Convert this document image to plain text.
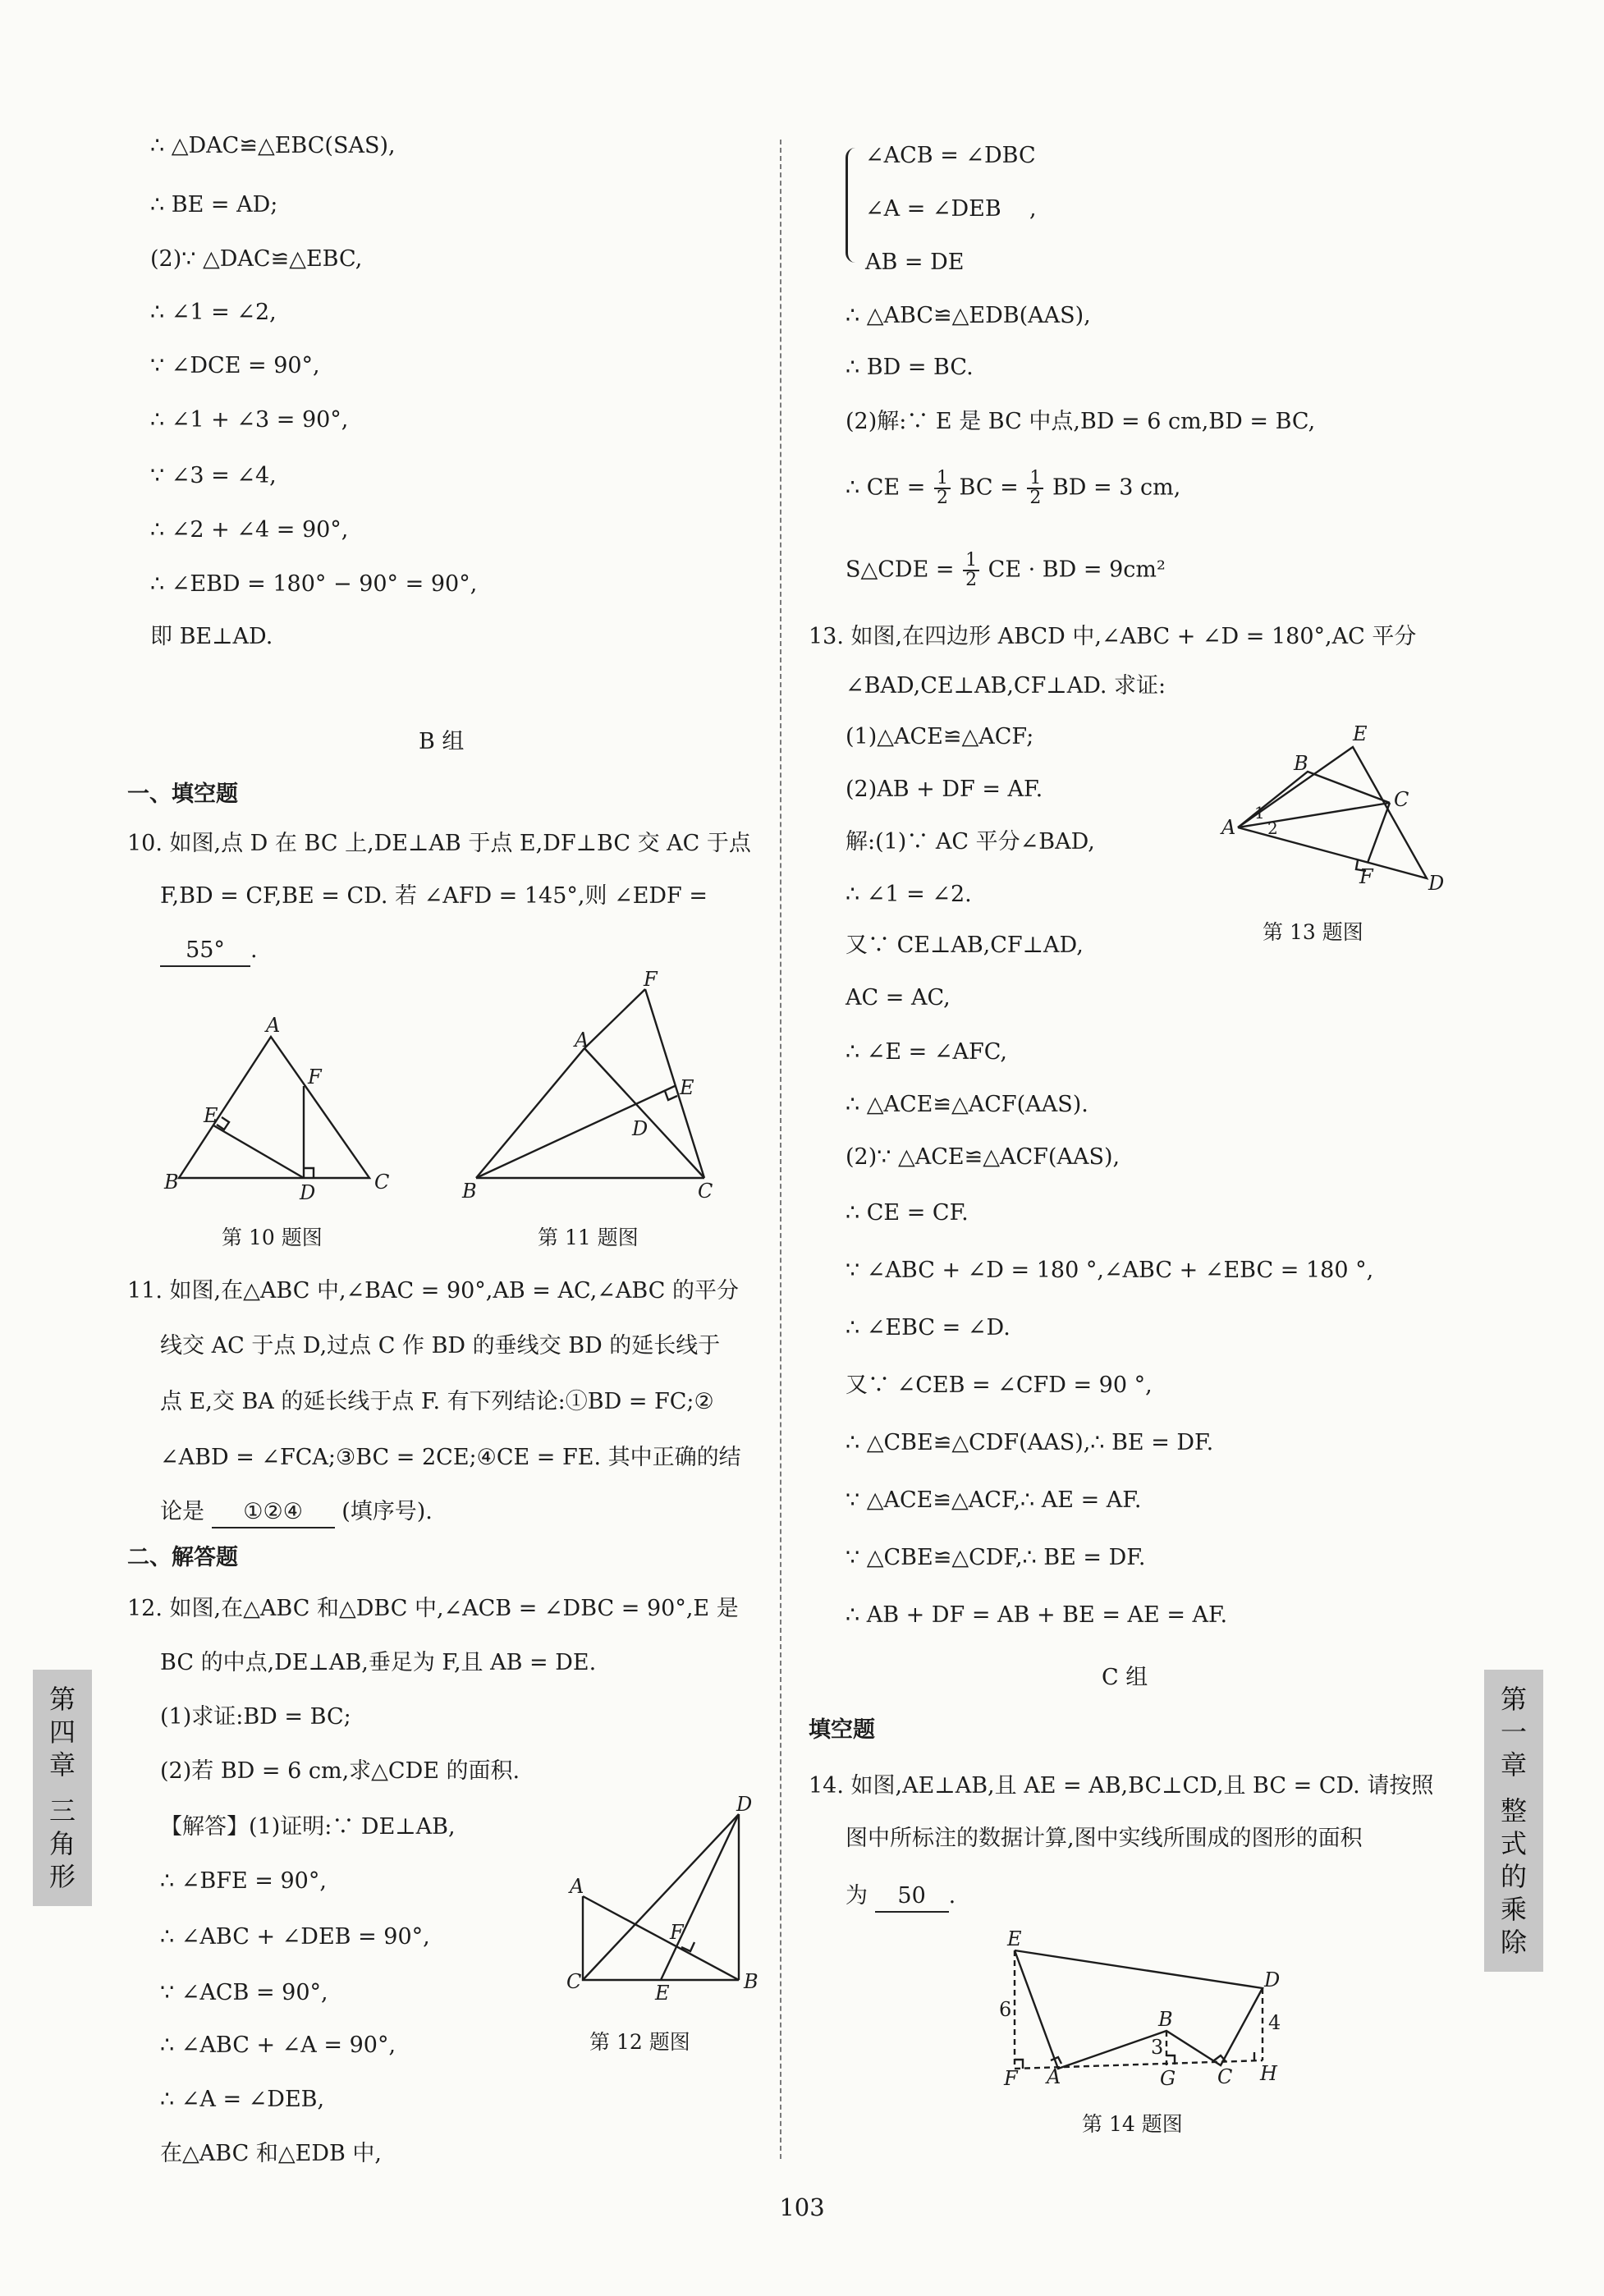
∴ △DAC≌△EBC(SAS),
∴ BE = AD;
(2)∵ △DAC≌△EBC,
∴ ∠1 = ∠2,
∵ ∠DCE = 90°,
∴ ∠1 + ∠3 = 90°,
∵ ∠3 = ∠4,
∴ ∠2 + ∠4 = 90°,
∴ ∠EBD = 180° − 90° = 90°,
即 BE⊥AD.
B 组
一、填空题
10. 如图,点 D 在 BC 上,DE⊥AB 于点 E,DF⊥BC 交 AC 于点
F,BD = CF,BE = CD. 若 ∠AFD = 145°,则 ∠EDF =
55° .
A
B	C
D
E
F
第 10 题图
A
B	C
D
E
F
第 11 题图
11. 如图,在△ABC 中,∠BAC = 90°,AB = AC,∠ABC 的平分
线交 AC 于点 D,过点 C 作 BD 的垂线交 BD 的延长线于
点 E,交 BA 的延长线于点 F. 有下列结论:①BD = FC;②
∠ABD = ∠FCA;③BC = 2CE;④CE = FE. 其中正确的结
论是 ①②④ (填序号).
二、解答题
12. 如图,在△ABC 和△DBC 中,∠ACB = ∠DBC = 90°,E 是
BC 的中点,DE⊥AB,垂足为 F,且 AB = DE.
(1)求证:BD = BC;
(2)若 BD = 6 cm,求△CDE 的面积.
【解答】(1)证明:∵ DE⊥AB,
∴ ∠BFE = 90°,
∴ ∠ABC + ∠DEB = 90°,
∵ ∠ACB = 90°,
∴ ∠ABC + ∠A = 90°,
∴ ∠A = ∠DEB,
在△ABC 和△EDB 中,
A
B
C
D
E
F
第 12 题图
∠ACB = ∠DBC
∠A = ∠DEB ,
AB = DE
∴ △ABC≌△EDB(AAS),
∴ BD = BC.
(2)解:∵ E 是 BC 中点,BD = 6 cm,BD = BC,
∴ CE = $\frac{1}{2}$ BC = $\frac{1}{2}$ BD = 3 cm,
S△CDE = $\frac{1}{2}$ CE · BD = 9cm²
13. 如图,在四边形 ABCD 中,∠ABC + ∠D = 180°,AC 平分
∠BAD,CE⊥AB,CF⊥AD. 求证:
(1)△ACE≌△ACF;
(2)AB + DF = AF.
解:(1)∵ AC 平分∠BAD,
∴ ∠1 = ∠2.
又∵ CE⊥AB,CF⊥AD,
AC = AC,
∴ ∠E = ∠AFC,
∴ △ACE≌△ACF(AAS).
(2)∵ △ACE≌△ACF(AAS),
∴ CE = CF.
∵ ∠ABC + ∠D = 180 °,∠ABC + ∠EBC = 180 °,
∴ ∠EBC = ∠D.
又∵ ∠CEB = ∠CFD = 90 °,
∴ △CBE≌△CDF(AAS),∴ BE = DF.
∵ △ACE≌△ACF,∴ AE = AF.
∵ △CBE≌△CDF,∴ BE = DF.
∴ AB + DF = AB + BE = AE = AF.
E
B
C
A
1
2
F	D
第 13 题图
C 组
填空题
14. 如图,AE⊥AB,且 AE = AB,BC⊥CD,且 BC = CD. 请按照
图中所标注的数据计算,图中实线所围成的图形的面积
为 50 .
E
D
B
A	G C
F	H
6
3
4
第 14 题图
第
四
章
三
角
形
第
一
章
整
式
的
乘
除
103
